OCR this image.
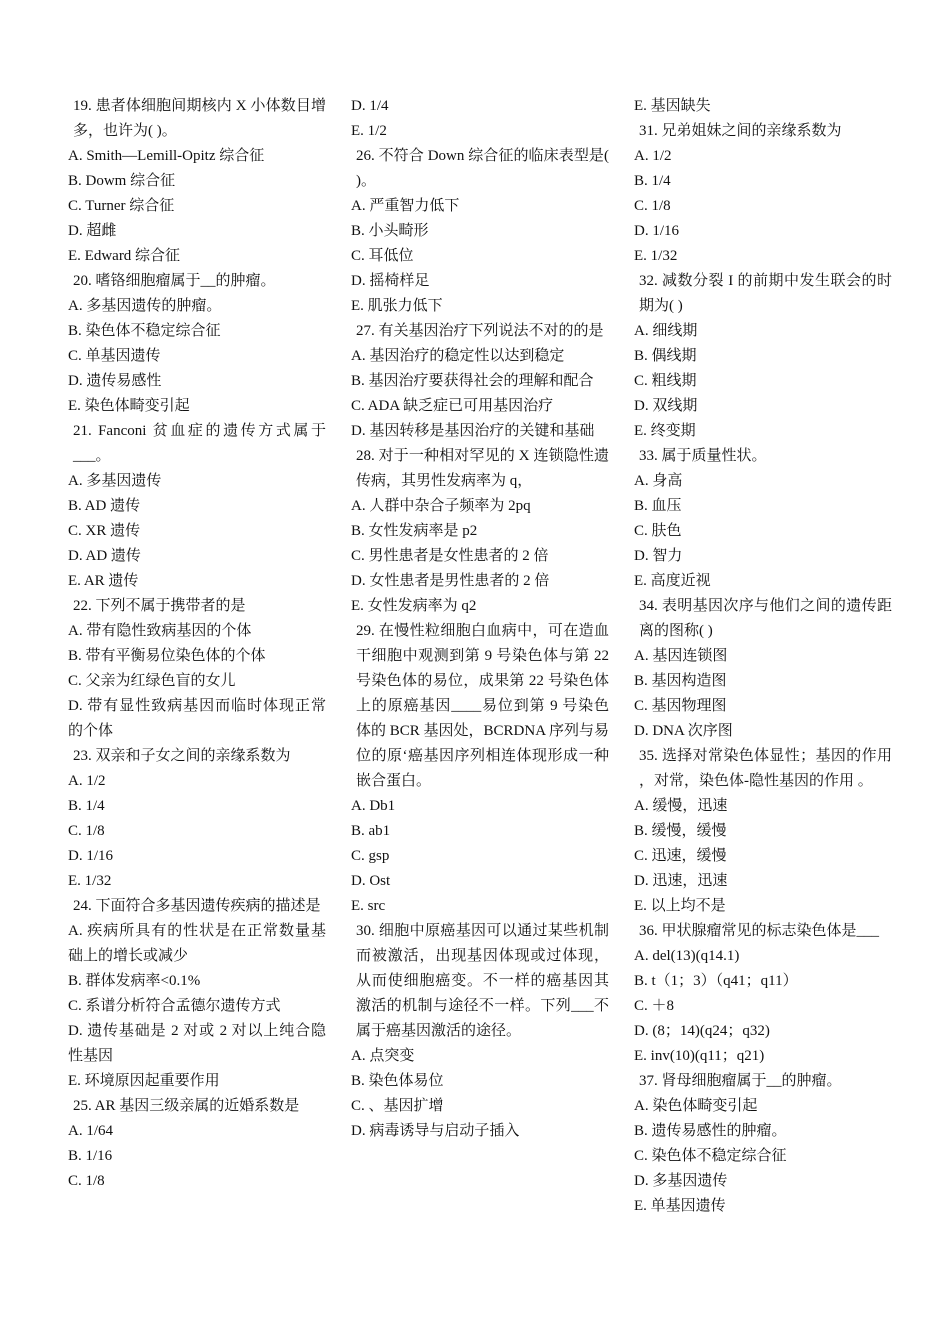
19. 患者体细胞间期核内 X 小体数目增多，也许为( )。
A. Smith—Lemill-Opitz 综合征
B. Dowm 综合征
C. Turner 综合征
D. 超雌
E. Edward 综合征
20. 嗜铬细胞瘤属于__的肿瘤。
A. 多基因遗传的肿瘤。
B. 染色体不稳定综合征
C. 单基因遗传
D. 遗传易感性
E. 染色体畸变引起
21. Fanconi 贫血症的遗传方式属于___。
A. 多基因遗传
B. AD 遗传
C. XR 遗传
D. AD 遗传
E. AR 遗传
22. 下列不属于携带者的是
A. 带有隐性致病基因的个体
B. 带有平衡易位染色体的个体
C. 父亲为红绿色盲的女儿
D. 带有显性致病基因而临时体现正常的个体
23. 双亲和子女之间的亲缘系数为
A. 1/2
B. 1/4
C. 1/8
D. 1/16
E. 1/32
24. 下面符合多基因遗传疾病的描述是
A. 疾病所具有的性状是在正常数量基础上的增长或减少
B. 群体发病率<0.1%
C. 系谱分析符合孟德尔遗传方式
D. 遗传基础是 2 对或 2 对以上纯合隐性基因
E. 环境原因起重要作用
25. AR 基因三级亲属的近婚系数是
A. 1/64
B. 1/16
C. 1/8
D. 1/4
E. 1/2
26. 不符合 Down 综合征的临床表型是( )。
A. 严重智力低下
B. 小头畸形
C. 耳低位
D. 摇椅样足
E. 肌张力低下
27. 有关基因治疗下列说法不对的的是
A. 基因治疗的稳定性以达到稳定
B. 基因治疗要获得社会的理解和配合
C. ADA 缺乏症已可用基因治疗
D. 基因转移是基因治疗的关键和基础
28. 对于一种相对罕见的 X 连锁隐性遗传病，其男性发病率为 q，
A. 人群中杂合子频率为 2pq
B. 女性发病率是 p2
C. 男性患者是女性患者的 2 倍
D. 女性患者是男性患者的 2 倍
E. 女性发病率为 q2
29. 在慢性粒细胞白血病中，可在造血干细胞中观测到第 9 号染色体与第 22 号染色体的易位，成果第 22 号染色体上的原癌基因____易位到第 9 号染色体的 BCR 基因处，BCRDNA 序列与易位的原‘癌基因序列相连体现形成一种嵌合蛋白。
A. Db1
B. ab1
C. gsp
D. Ost
E. src
30. 细胞中原癌基因可以通过某些机制而被激活，出现基因体现或过体现，从而使细胞癌变。不一样的癌基因其激活的机制与途径不一样。下列___不属于癌基因激活的途径。
A. 点突变
B. 染色体易位
C. 、基因扩增
D. 病毒诱导与启动子插入
E. 基因缺失
31. 兄弟姐妹之间的亲缘系数为
A. 1/2
B. 1/4
C. 1/8
D. 1/16
E. 1/32
32. 减数分裂 I 的前期中发生联会的时期为( )
A. 细线期
B. 偶线期
C. 粗线期
D. 双线期
E. 终变期
33. 属于质量性状。
A. 身高
B. 血压
C. 肤色
D. 智力
E. 高度近视
34. 表明基因次序与他们之间的遗传距离的图称( )
A. 基因连锁图
B. 基因构造图
C. 基因物理图
D. DNA 次序图
35. 选择对常染色体显性；基因的作用 ，对常，染色体-隐性基因的作用 。
A. 缓慢，迅速
B. 缓慢，缓慢
C. 迅速，缓慢
D. 迅速，迅速
E. 以上均不是
36. 甲状腺瘤常见的标志染色体是___
A. del(13)(q14.1)
B. t（1；3）（q41；q11）
C. ＋8
D. (8；14)(q24；q32)
E. inv(10)(q11；q21)
37. 肾母细胞瘤属于__的肿瘤。
A. 染色体畸变引起
B. 遗传易感性的肿瘤。
C. 染色体不稳定综合征
D. 多基因遗传
E. 单基因遗传
